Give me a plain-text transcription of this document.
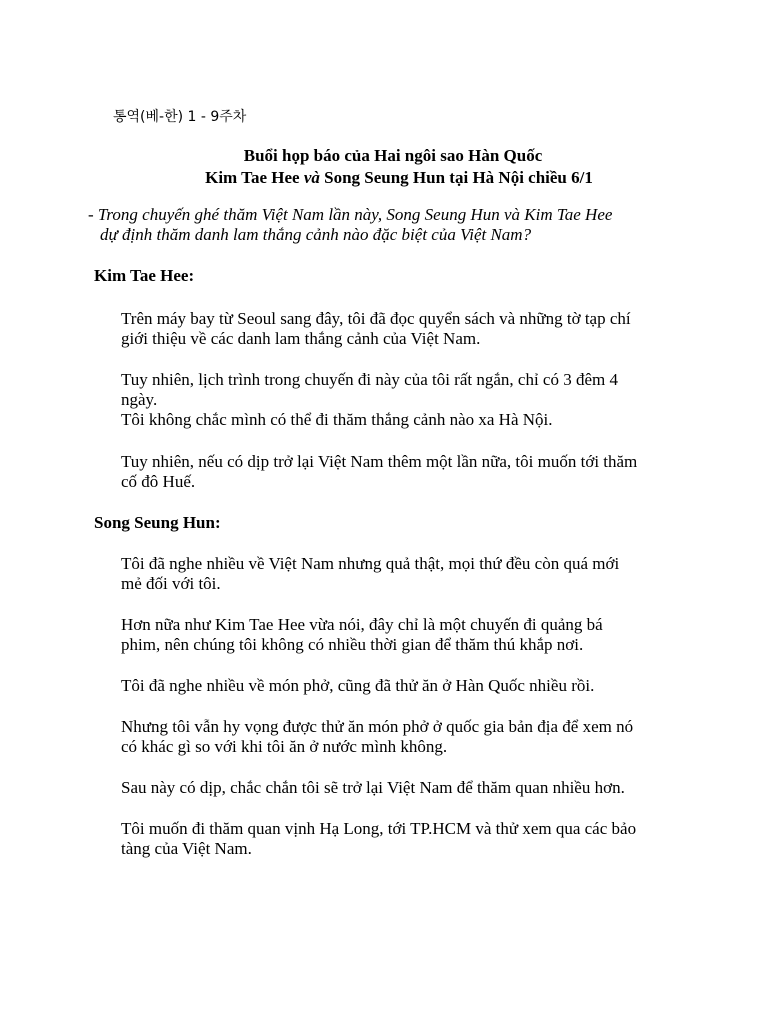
통역(베-한) 1 - 9주차
Buổi họp báo của Hai ngôi sao Hàn Quốc
Kim Tae Hee và Song Seung Hun tại Hà Nội chiều 6/1
- Trong chuyến ghé thăm Việt Nam lần này, Song Seung Hun và Kim Tae Hee
dự định thăm danh lam thắng cảnh nào đặc biệt của Việt Nam?
Kim Tae Hee:
Trên máy bay từ Seoul sang đây, tôi đã đọc quyển sách và những tờ tạp chí
giới thiệu về các danh lam thắng cảnh của Việt Nam.
Tuy nhiên, lịch trình trong chuyến đi này của tôi rất ngắn, chỉ có 3 đêm 4
ngày.
Tôi không chắc mình có thể đi thăm thắng cảnh nào xa Hà Nội.
Tuy nhiên, nếu có dịp trở lại Việt Nam thêm một lần nữa, tôi muốn tới thăm
cố đô Huế.
Song Seung Hun:
Tôi đã nghe nhiều về Việt Nam nhưng quả thật, mọi thứ đều còn quá mới
mẻ đối với tôi.
Hơn nữa như Kim Tae Hee vừa nói, đây chỉ là một chuyến đi quảng bá
phim, nên chúng tôi không có nhiều thời gian để thăm thú khắp nơi.
Tôi đã nghe nhiều về món phở, cũng đã thử ăn ở Hàn Quốc nhiều rồi.
Nhưng tôi vẫn hy vọng được thử ăn món phở ở quốc gia bản địa để xem nó
có khác gì so với khi tôi ăn ở nước mình không.
Sau này có dịp, chắc chắn tôi sẽ trở lại Việt Nam để thăm quan nhiều hơn.
Tôi muốn đi thăm quan vịnh Hạ Long, tới TP.HCM và thử xem qua các bảo
tàng của Việt Nam.
